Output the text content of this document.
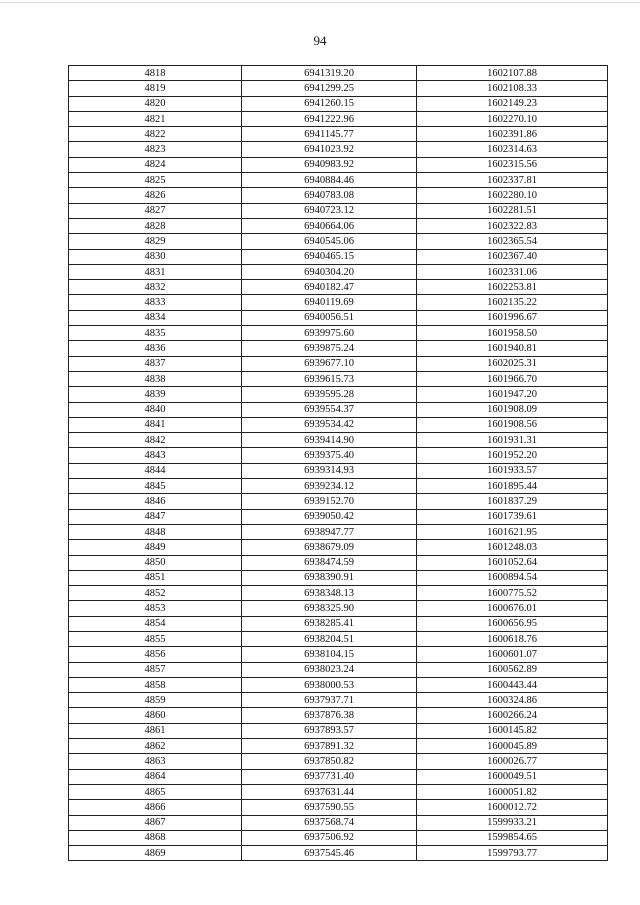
94
4818	6941319.20	1602107.88
4819	6941299.25	1602108.33
4820	6941260.15	1602149.23
4821	6941222.96	1602270.10
4822	6941145.77	1602391.86
4823	6941023.92	1602314.63
4824	6940983.92	1602315.56
4825	6940884.46	1602337.81
4826	6940783.08	1602280.10
4827	6940723.12	1602281.51
4828	6940664.06	1602322.83
4829	6940545.06	1602365.54
4830	6940465.15	1602367.40
4831	6940304.20	1602331.06
4832	6940182.47	1602253.81
4833	6940119.69	1602135.22
4834	6940056.51	1601996.67
4835	6939975.60	1601958.50
4836	6939875.24	1601940.81
4837	6939677.10	1602025.31
4838	6939615.73	1601966.70
4839	6939595.28	1601947.20
4840	6939554.37	1601908.09
4841	6939534.42	1601908.56
4842	6939414.90	1601931.31
4843	6939375.40	1601952.20
4844	6939314.93	1601933.57
4845	6939234.12	1601895.44
4846	6939152.70	1601837.29
4847	6939050.42	1601739.61
4848	6938947.77	1601621.95
4849	6938679.09	1601248.03
4850	6938474.59	1601052.64
4851	6938390.91	1600894.54
4852	6938348.13	1600775.52
4853	6938325.90	1600676.01
4854	6938285.41	1600656.95
4855	6938204.51	1600618.76
4856	6938104.15	1600601.07
4857	6938023.24	1600562.89
4858	6938000.53	1600443.44
4859	6937937.71	1600324.86
4860	6937876.38	1600266.24
4861	6937893.57	1600145.82
4862	6937891.32	1600045.89
4863	6937850.82	1600026.77
4864	6937731.40	1600049.51
4865	6937631.44	1600051.82
4866	6937590.55	1600012.72
4867	6937568.74	1599933.21
4868	6937506.92	1599854.65
4869	6937545.46	1599793.77
